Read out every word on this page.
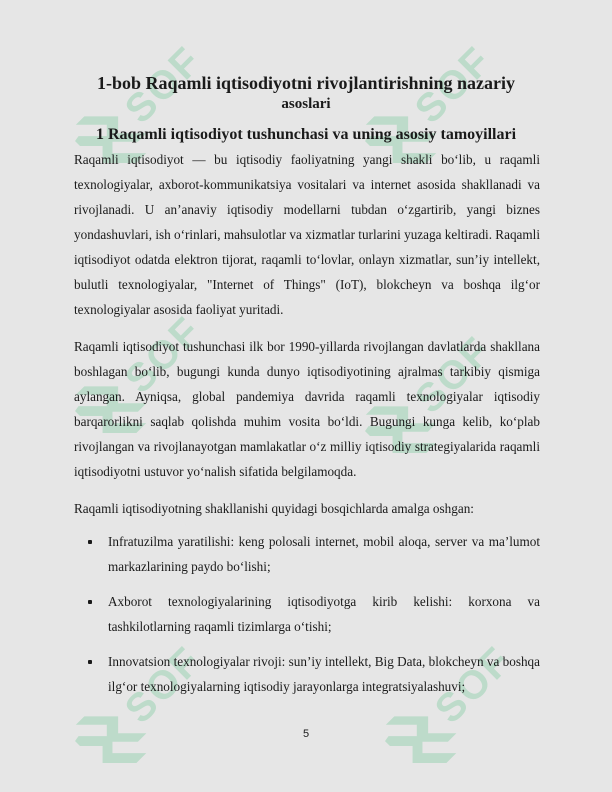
SOF	SOF
SOF	SOF
SOF	SOF
1-bob Raqamli iqtisodiyotni rivojlantirishning nazariy
asoslari
1 Raqamli iqtisodiyot tushunchasi va uning asosiy tamoyillari

Raqamli iqtisodiyot — bu iqtisodiy faoliyatning yangi shakli bo‘lib, u raqamli texnologiyalar, axborot-kommunikatsiya vositalari va internet asosida shakllanadi va rivojlanadi. U an’anaviy iqtisodiy modellarni tubdan o‘zgartirib, yangi biznes yondashuvlari, ish o‘rinlari, mahsulotlar va xizmatlar turlarini yuzaga keltiradi. Raqamli iqtisodiyot odatda elektron tijorat, raqamli to‘lovlar, onlayn xizmatlar, sun’iy intellekt, bulutli texnologiyalar, "Internet of Things" (IoT), blokcheyn va boshqa ilg‘or texnologiyalar asosida faoliyat yuritadi.

Raqamli iqtisodiyot tushunchasi ilk bor 1990-yillarda rivojlangan davlatlarda shakllana boshlagan bo‘lib, bugungi kunda dunyo iqtisodiyotining ajralmas tarkibiy qismiga aylangan. Ayniqsa, global pandemiya davrida raqamli texnologiyalar iqtisodiy barqarorlikni saqlab qolishda muhim vosita bo‘ldi. Bugungi kunga kelib, ko‘plab rivojlangan va rivojlanayotgan mamlakatlar o‘z milliy iqtisodiy strategiyalarida raqamli iqtisodiyotni ustuvor yo‘nalish sifatida belgilamoqda.

Raqamli iqtisodiyotning shakllanishi quyidagi bosqichlarda amalga oshgan:

Infratuzilma yaratilishi: keng polosali internet, mobil aloqa, server va ma’lumot markazlarining paydo bo‘lishi;
Axborot texnologiyalarining iqtisodiyotga kirib kelishi: korxona va tashkilotlarning raqamli tizimlarga o‘tishi;
Innovatsion texnologiyalar rivoji: sun’iy intellekt, Big Data, blokcheyn va boshqa ilg‘or texnologiyalarning iqtisodiy jarayonlarga integratsiyalashuvi;
5
